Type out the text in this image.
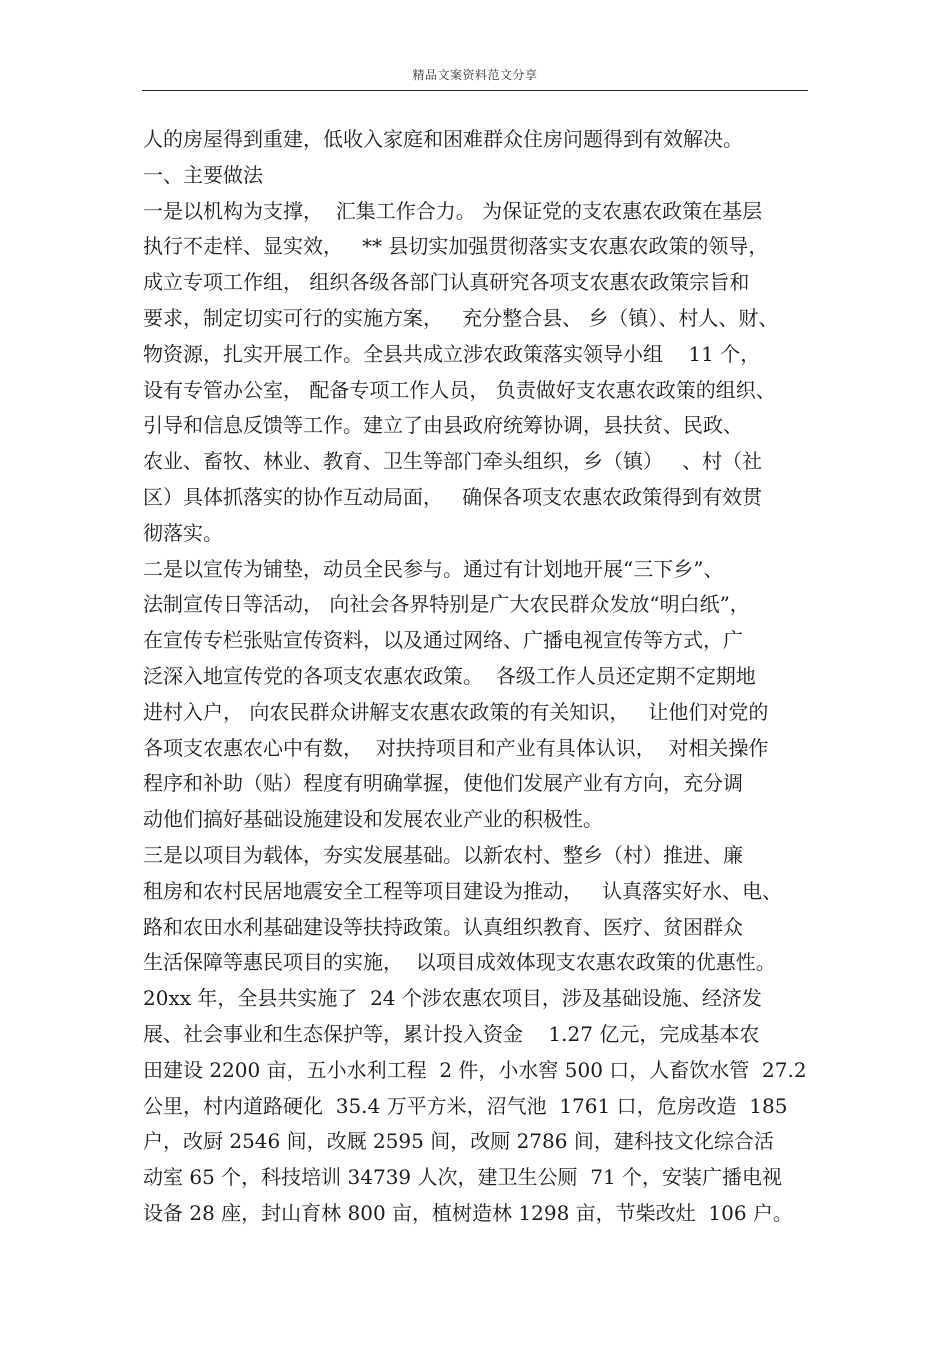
精品文案资料范文分享
人的房屋得到重建，低收入家庭和困难群众住房问题得到有效解决。
一、主要做法
一是以机构为支撑，  汇集工作合力。 为保证党的支农惠农政策在基层
执行不走样、显实效，   ** 县切实加强贯彻落实支农惠农政策的领导，
成立专项工作组， 组织各级各部门认真研究各项支农惠农政策宗旨和
要求，制定切实可行的实施方案，   充分整合县、 乡（镇）、村人、财、
物资源，扎实开展工作。全县共成立涉农政策落实领导小组    11 个，
设有专管办公室， 配备专项工作人员， 负责做好支农惠农政策的组织、
引导和信息反馈等工作。建立了由县政府统筹协调，县扶贫、民政、
农业、畜牧、林业、教育、卫生等部门牵头组织，乡（镇）   、村（社
区）具体抓落实的协作互动局面，   确保各项支农惠农政策得到有效贯
彻落实。
二是以宣传为铺垫，动员全民参与。通过有计划地开展“三下乡”、
法制宣传日等活动， 向社会各界特别是广大农民群众发放“明白纸”，
在宣传专栏张贴宣传资料，以及通过网络、广播电视宣传等方式，广
泛深入地宣传党的各项支农惠农政策。  各级工作人员还定期不定期地
进村入户， 向农民群众讲解支农惠农政策的有关知识，   让他们对党的
各项支农惠农心中有数，  对扶持项目和产业有具体认识，  对相关操作
程序和补助（贴）程度有明确掌握，使他们发展产业有方向，充分调
动他们搞好基础设施建设和发展农业产业的积极性。
三是以项目为载体，夯实发展基础。以新农村、整乡（村）推进、廉
租房和农村民居地震安全工程等项目建设为推动，   认真落实好水、电、
路和农田水利基础建设等扶持政策。认真组织教育、医疗、贫困群众
生活保障等惠民项目的实施，  以项目成效体现支农惠农政策的优惠性。
20xx 年，全县共实施了  24 个涉农惠农项目，涉及基础设施、经济发
展、社会事业和生态保护等，累计投入资金    1.27 亿元，完成基本农
田建设 2200 亩，五小水利工程  2 件，小水窖 500 口，人畜饮水管  27.2
公里，村内道路硬化  35.4 万平方米，沼气池  1761 口，危房改造  185
户，改厨 2546 间，改厩 2595 间，改厕 2786 间，建科技文化综合活
动室 65 个，科技培训 34739 人次，建卫生公厕  71 个，安装广播电视
设备 28 座，封山育林 800 亩，植树造林 1298 亩，节柴改灶  106 户。
